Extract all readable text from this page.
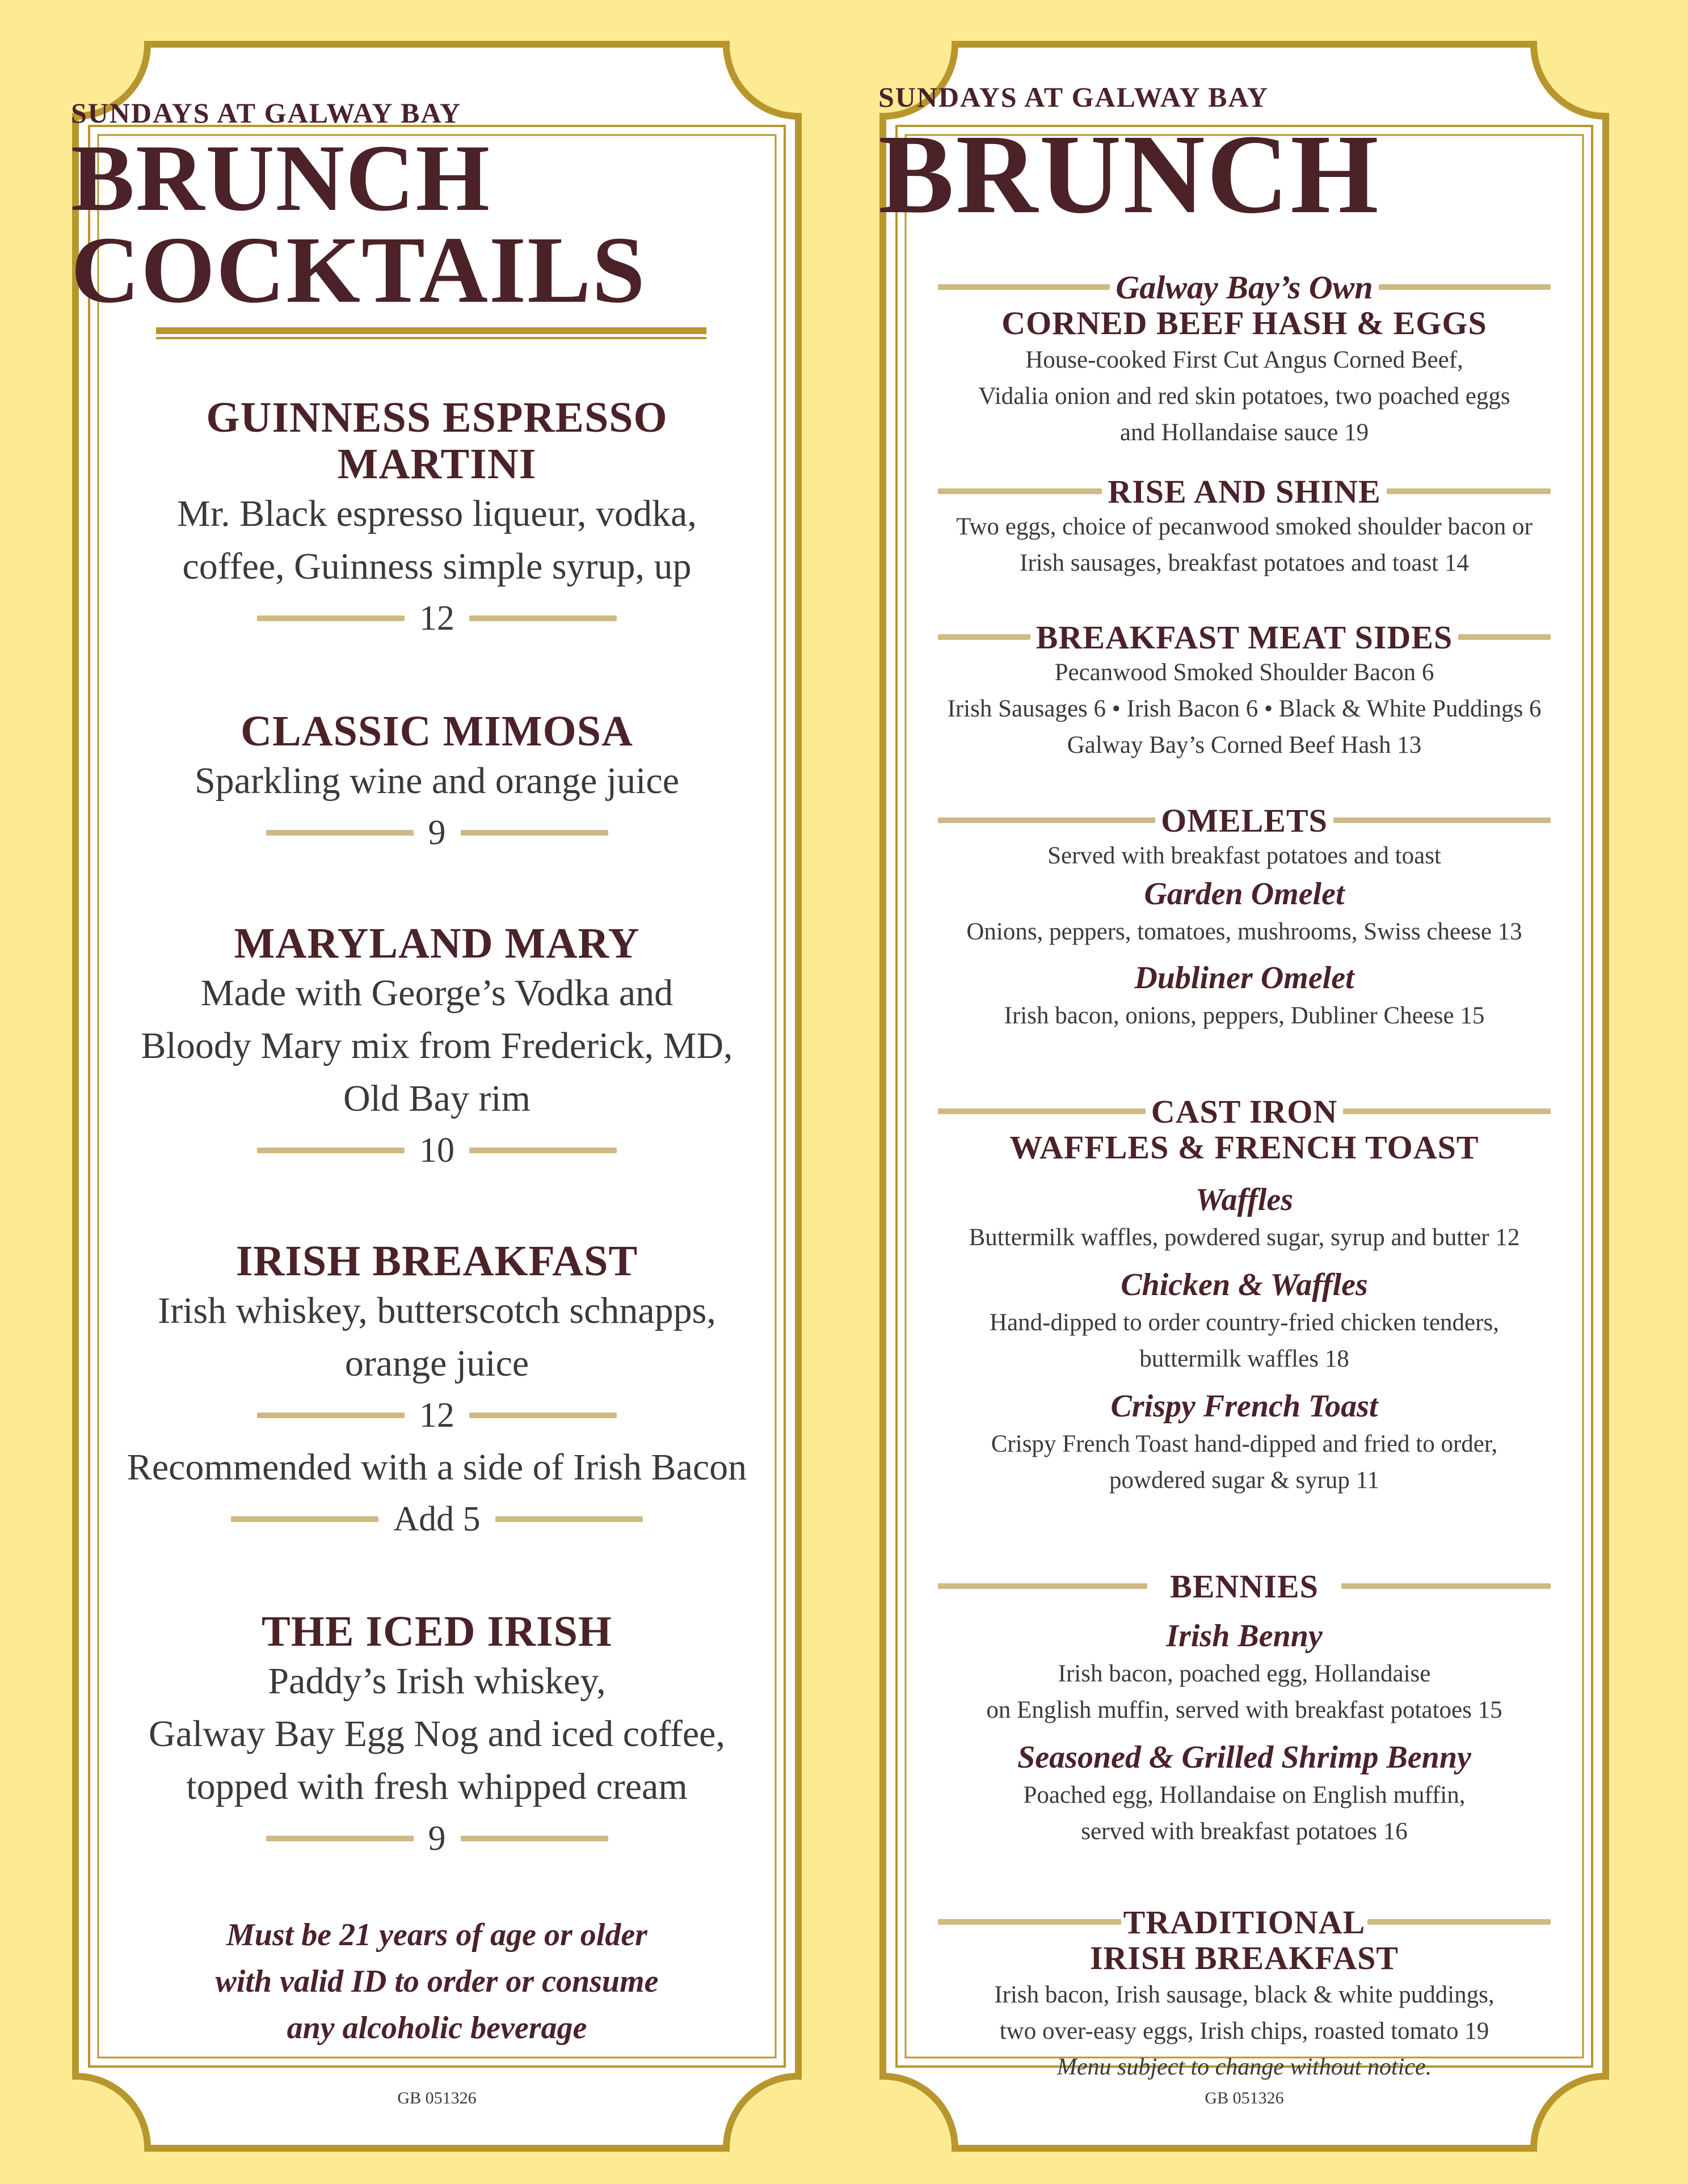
SUNDAYS AT GALWAY BAY
BRUNCH
COCKTAILS
GUINNESS ESPRESSO
MARTINI
Mr. Black espresso liqueur, vodka,
coffee, Guinness simple syrup, up
12
CLASSIC MIMOSA
Sparkling wine and orange juice
9
MARYLAND MARY
Made with George’s Vodka and
Bloody Mary mix from Frederick, MD,
Old Bay rim
10
IRISH BREAKFAST
Irish whiskey, butterscotch schnapps,
orange juice
12
Recommended with a side of Irish Bacon
Add 5
THE ICED IRISH
Paddy’s Irish whiskey,
Galway Bay Egg Nog and iced coffee,
topped with fresh whipped cream
9
Must be 21 years of age or older
with valid ID to order or consume
any alcoholic beverage
GB 051326
SUNDAYS AT GALWAY BAY
BRUNCH
Galway Bay’s Own
CORNED BEEF HASH & EGGS
House-cooked First Cut Angus Corned Beef,
Vidalia onion and red skin potatoes, two poached eggs
and Hollandaise sauce 19
RISE AND SHINE
Two eggs, choice of pecanwood smoked shoulder bacon or
Irish sausages, breakfast potatoes and toast 14
BREAKFAST MEAT SIDES
Pecanwood Smoked Shoulder Bacon 6
Irish Sausages 6 • Irish Bacon 6 • Black & White Puddings 6
Galway Bay’s Corned Beef Hash 13
OMELETS
Served with breakfast potatoes and toast
Garden Omelet
Onions, peppers, tomatoes, mushrooms, Swiss cheese 13
Dubliner Omelet
Irish bacon, onions, peppers, Dubliner Cheese 15
CAST IRON
WAFFLES & FRENCH TOAST
Waffles
Buttermilk waffles, powdered sugar, syrup and butter 12
Chicken & Waffles
Hand-dipped to order country-fried chicken tenders,
buttermilk waffles 18
Crispy French Toast
Crispy French Toast hand-dipped and fried to order,
powdered sugar & syrup 11
BENNIES
Irish Benny
Irish bacon, poached egg, Hollandaise
on English muffin, served with breakfast potatoes 15
Seasoned & Grilled Shrimp Benny
Poached egg, Hollandaise on English muffin,
served with breakfast potatoes 16
TRADITIONAL
IRISH BREAKFAST
Irish bacon, Irish sausage, black & white puddings,
two over-easy eggs, Irish chips, roasted tomato 19
Menu subject to change without notice.
GB 051326
